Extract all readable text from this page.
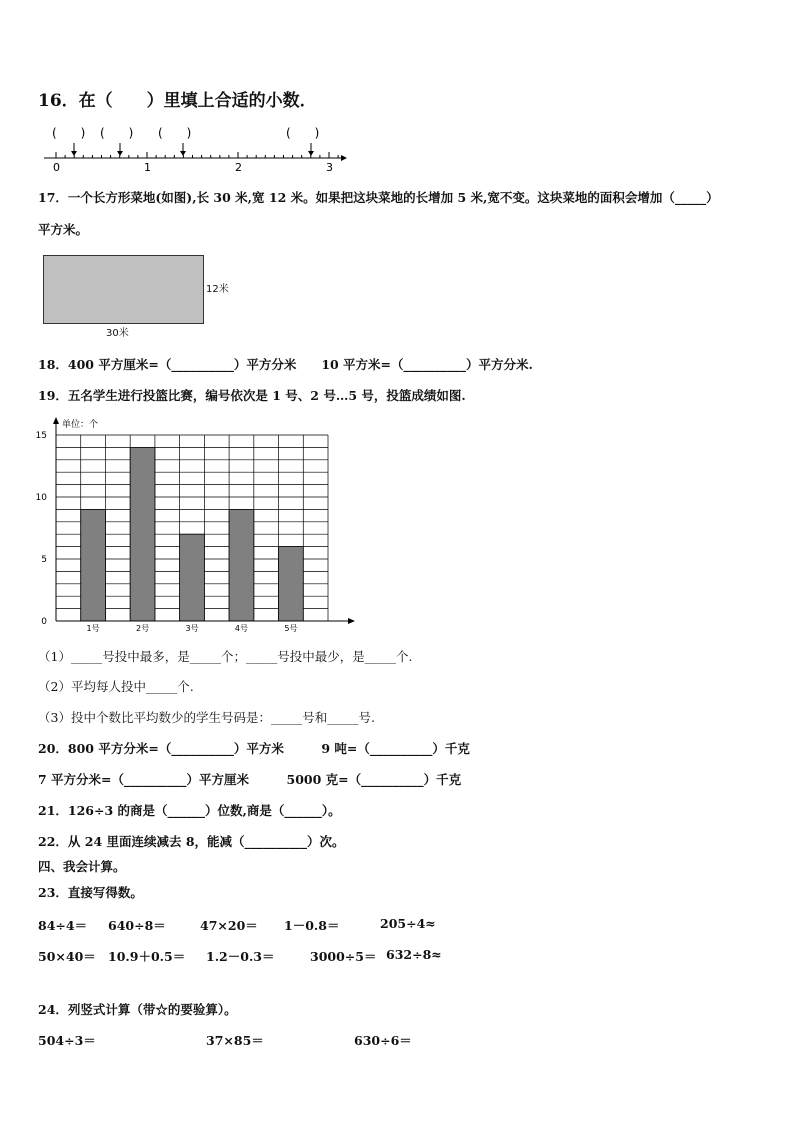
16．在（　　）里填上合适的小数．
(　　) (　　) (　　)	(　　)
0	1	2	3
17．一个长方形菜地(如图),长 30 米,宽 12 米。如果把这块菜地的长增加 5 米,宽不变。这块菜地的面积会增加（_____）
平方米。
12米
30米
18．400 平方厘米=（__________）平方分米　　10 平方米=（__________）平方分米.
19．五名学生进行投篮比赛，编号依次是 1 号、2 号…5 号，投篮成绩如图.
单位：个
1号	2号	3号	4号	5号
0
5
10
15
（1）_____号投中最多，是_____个；_____号投中最少，是_____个.
（2）平均每人投中_____个.
（3）投中个数比平均数少的学生号码是：_____号和_____号.
20．800 平方分米=（__________）平方米　　　9 吨=（__________）千克
7 平方分米=（__________）平方厘米　　　5000 克=（__________）千克
21．126÷3 的商是（______）位数,商是（______）。
22．从 24 里面连续减去 8，能减（__________）次。
四、我会计算。
23．直接写得数。
84÷4＝ 640÷8＝	47×20＝ 1－0.8＝	205÷4≈
50×40＝ 10.9＋0.5＝ 1.2－0.3＝	3000÷5＝ 632÷8≈
24．列竖式计算（带☆的要验算）。
504÷3＝	37×85＝	630÷6＝
